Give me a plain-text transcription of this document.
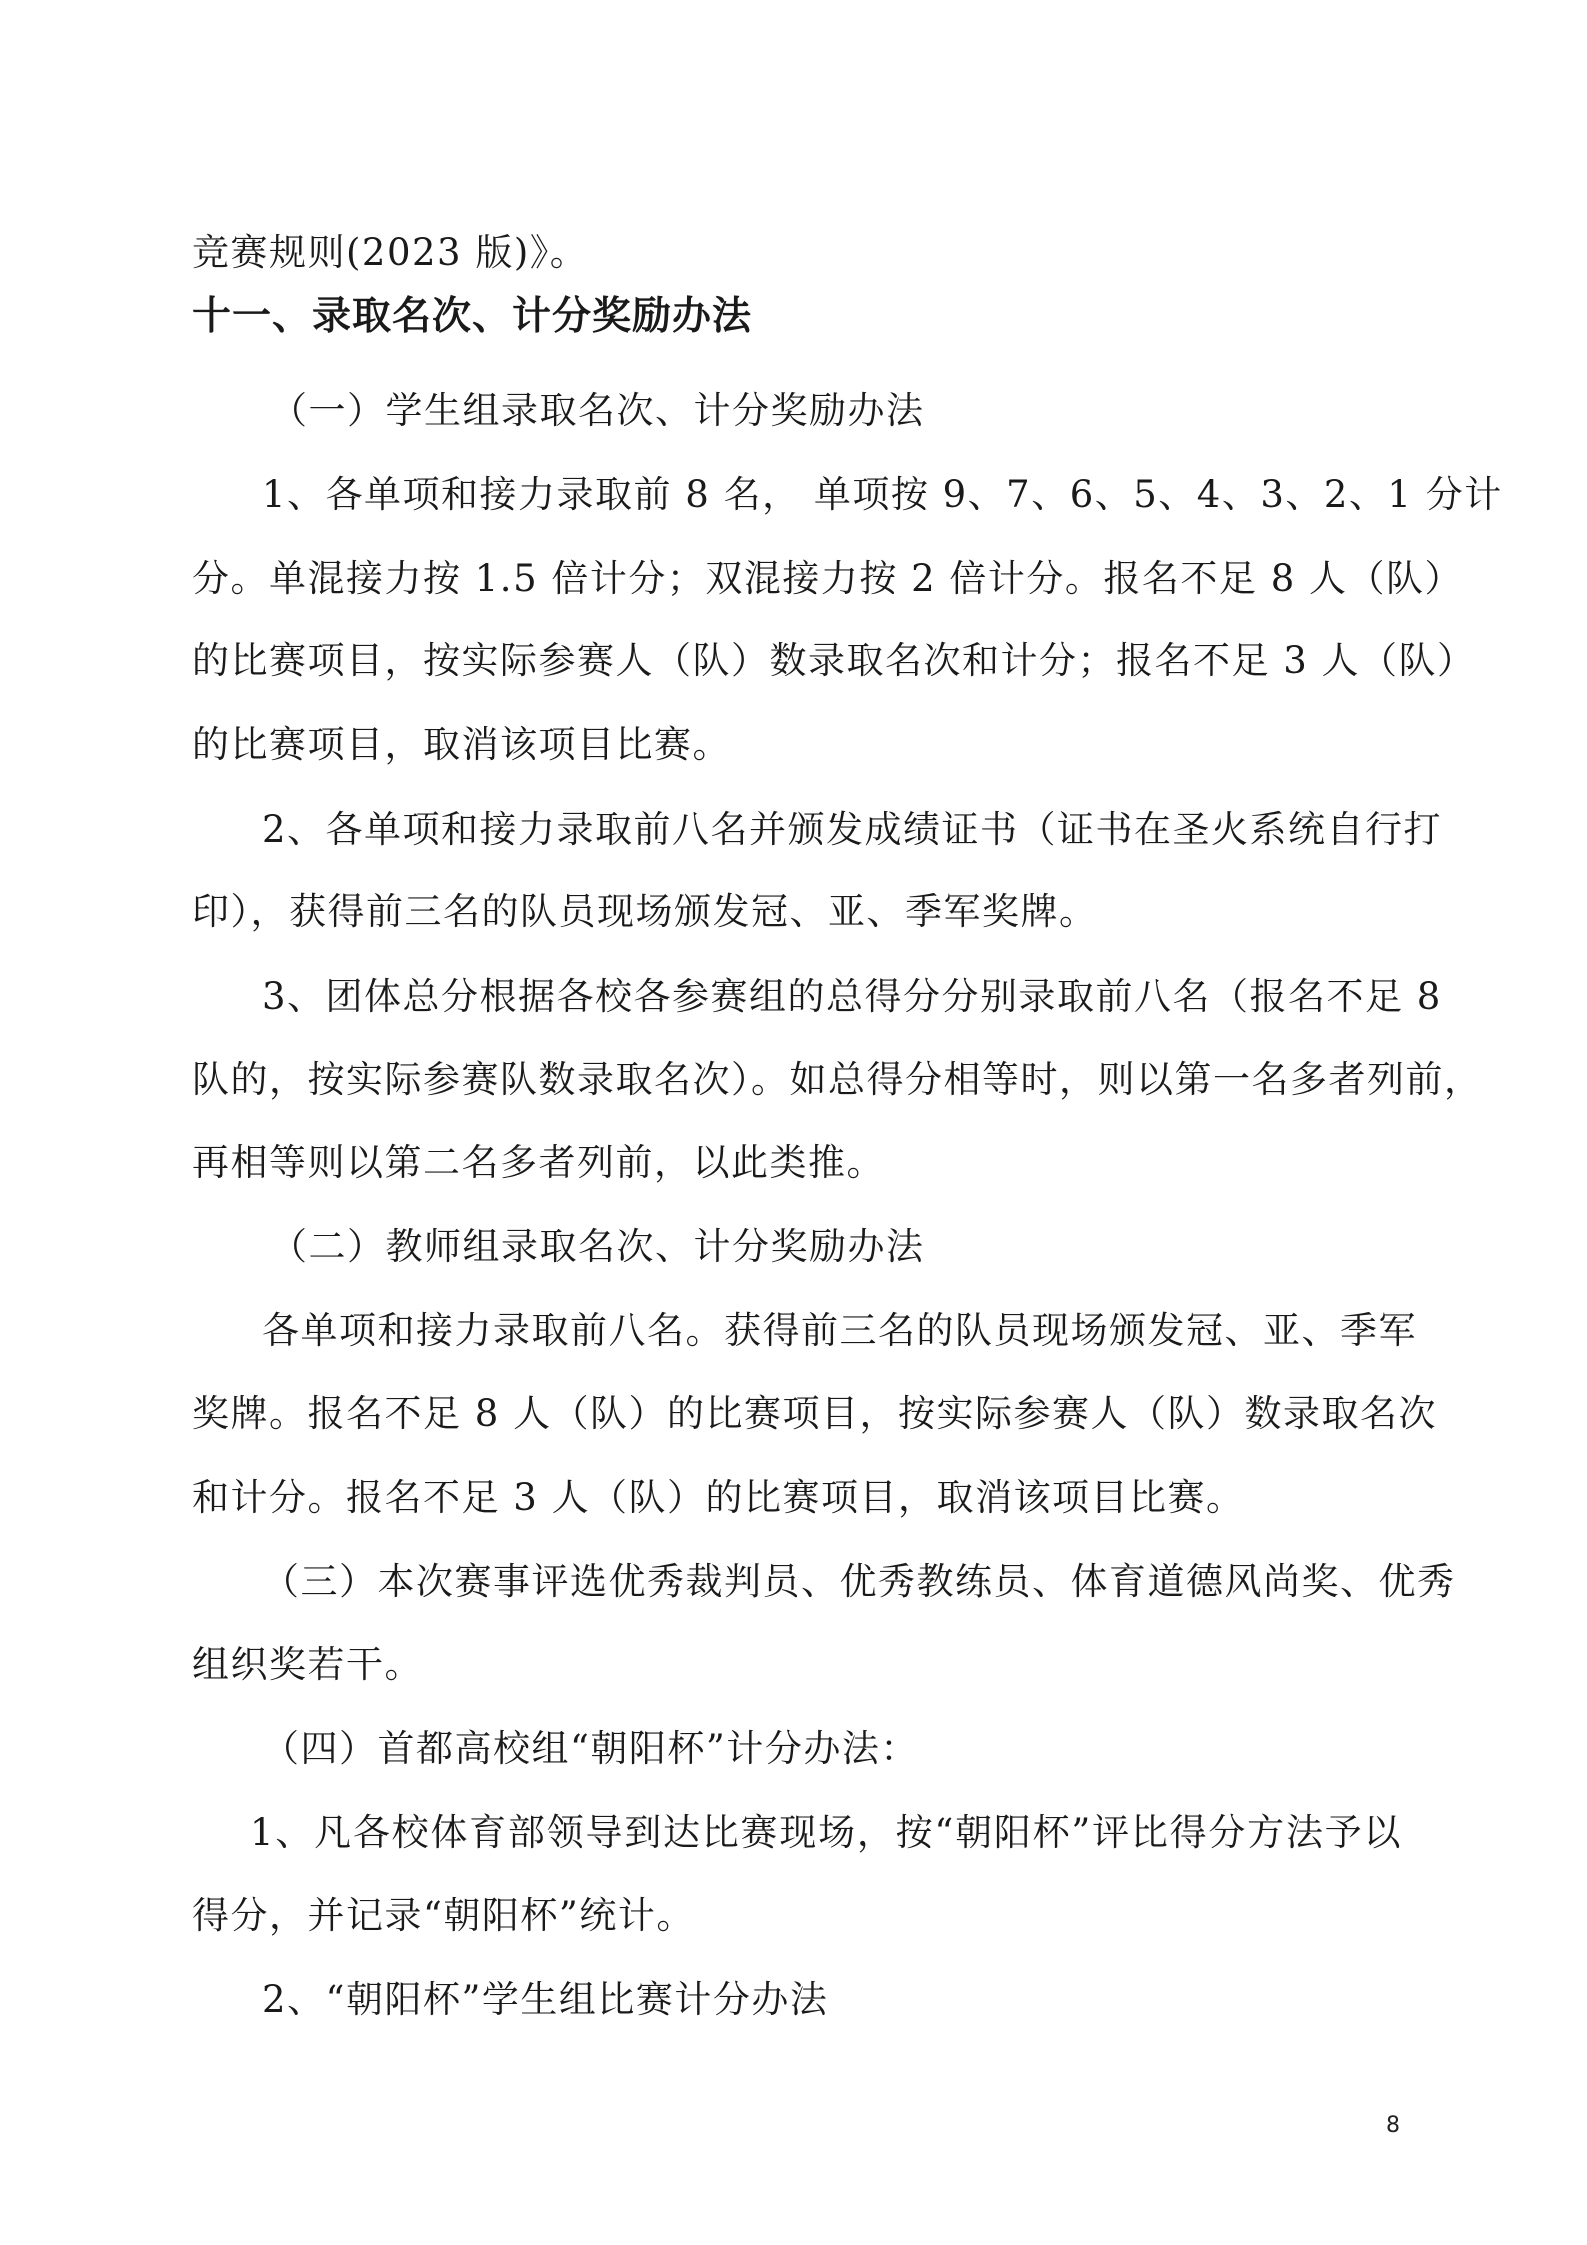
竞赛规则(2023 版)》。
十一、录取名次、计分奖励办法
（一）学生组录取名次、计分奖励办法
1、各单项和接力录取前 8 名， 单项按 9、7、6、5、4、3、2、1 分计
分。单混接力按 1.5 倍计分；双混接力按 2 倍计分。报名不足 8 人（队）
的比赛项目，按实际参赛人（队）数录取名次和计分；报名不足 3 人（队）
的比赛项目，取消该项目比赛。
2、各单项和接力录取前八名并颁发成绩证书（证书在圣火系统自行打
印），获得前三名的队员现场颁发冠、亚、季军奖牌。
3、团体总分根据各校各参赛组的总得分分别录取前八名（报名不足 8
队的，按实际参赛队数录取名次）。如总得分相等时，则以第一名多者列前，
再相等则以第二名多者列前，以此类推。
（二）教师组录取名次、计分奖励办法
各单项和接力录取前八名。获得前三名的队员现场颁发冠、亚、季军
奖牌。报名不足 8 人（队）的比赛项目，按实际参赛人（队）数录取名次
和计分。报名不足 3 人（队）的比赛项目，取消该项目比赛。
（三）本次赛事评选优秀裁判员、优秀教练员、体育道德风尚奖、优秀
组织奖若干。
（四）首都高校组“朝阳杯”计分办法：
1、凡各校体育部领导到达比赛现场，按“朝阳杯”评比得分方法予以
得分，并记录“朝阳杯”统计。
2、“朝阳杯”学生组比赛计分办法
8
